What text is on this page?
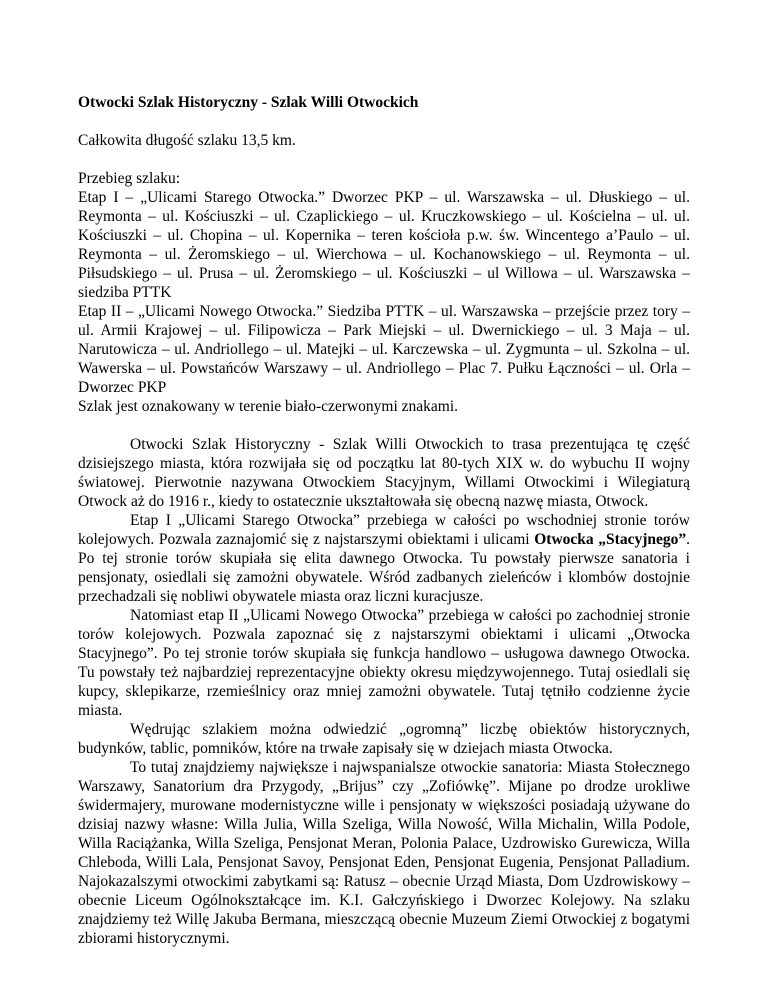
Otwocki Szlak Historyczny - Szlak Willi Otwockich

Całkowita długość szlaku 13,5 km.

Przebieg szlaku:

Etap I – „Ulicami Starego Otwocka.” Dworzec PKP – ul. Warszawska – ul. Dłuskiego – ul. Reymonta – ul. Kościuszki – ul. Czaplickiego – ul. Kruczkowskiego – ul. Kościelna – ul. ul. Kościuszki – ul. Chopina – ul. Kopernika – teren kościoła p.w. św. Wincentego a’Paulo – ul. Reymonta – ul. Żeromskiego – ul. Wierchowa – ul. Kochanowskiego – ul. Reymonta – ul. Piłsudskiego – ul. Prusa – ul. Żeromskiego – ul. Kościuszki – ul Willowa – ul. Warszawska – siedziba PTTK

Etap II – „Ulicami Nowego Otwocka.” Siedziba PTTK – ul. Warszawska – przejście przez tory – ul. Armii Krajowej – ul. Filipowicza – Park Miejski – ul. Dwernickiego – ul. 3 Maja – ul. Narutowicza – ul. Andriollego – ul. Matejki – ul. Karczewska – ul. Zygmunta – ul. Szkolna – ul. Wawerska – ul. Powstańców Warszawy – ul. Andriollego – Plac 7. Pułku Łączności – ul. Orla – Dworzec PKP

Szlak jest oznakowany w terenie biało-czerwonymi znakami.

Otwocki Szlak Historyczny - Szlak Willi Otwockich to trasa prezentująca tę część dzisiejszego miasta, która rozwijała się od początku lat 80-tych XIX w. do wybuchu II wojny światowej. Pierwotnie nazywana Otwockiem Stacyjnym, Willami Otwockimi i Wilegiaturą Otwock aż do 1916 r., kiedy to ostatecznie ukształtowała się obecną nazwę miasta, Otwock.

Etap I „Ulicami Starego Otwocka” przebiega w całości po wschodniej stronie torów kolejowych. Pozwala zaznajomić się z najstarszymi obiektami i ulicami Otwocka „Stacyjnego”. Po tej stronie torów skupiała się elita dawnego Otwocka. Tu powstały pierwsze sanatoria i pensjonaty, osiedlali się zamożni obywatele. Wśród zadbanych zieleńców i klombów dostojnie przechadzali się nobliwi obywatele miasta oraz liczni kuracjusze.

Natomiast etap II „Ulicami Nowego Otwocka” przebiega w całości po zachodniej stronie torów kolejowych. Pozwala zapoznać się z najstarszymi obiektami i ulicami „Otwocka Stacyjnego”. Po tej stronie torów skupiała się funkcja handlowo – usługowa dawnego Otwocka. Tu powstały też najbardziej reprezentacyjne obiekty okresu międzywojennego. Tutaj osiedlali się kupcy, sklepikarze, rzemieślnicy oraz mniej zamożni obywatele. Tutaj tętniło codzienne życie miasta.

Wędrując szlakiem można odwiedzić „ogromną” liczbę obiektów historycznych, budynków, tablic, pomników, które na trwałe zapisały się w dziejach miasta Otwocka.

To tutaj znajdziemy największe i najwspanialsze otwockie sanatoria: Miasta Stołecznego Warszawy, Sanatorium dra Przygody, „Brijus” czy „Zofiówkę”. Mijane po drodze urokliwe świdermajery, murowane modernistyczne wille i pensjonaty w większości posiadają używane do dzisiaj nazwy własne: Willa Julia, Willa Szeliga, Willa Nowość, Willa Michalin, Willa Podole, Willa Raciążanka, Willa Szeliga, Pensjonat Meran, Polonia Palace, Uzdrowisko Gurewicza, Willa Chleboda, Willi Lala, Pensjonat Savoy, Pensjonat Eden, Pensjonat Eugenia, Pensjonat Palladium. Najokazalszymi otwockimi zabytkami są: Ratusz – obecnie Urząd Miasta, Dom Uzdrowiskowy – obecnie Liceum Ogólnokształcące im. K.I. Gałczyńskiego i Dworzec Kolejowy. Na szlaku znajdziemy też Willę Jakuba Bermana, mieszczącą obecnie Muzeum Ziemi Otwockiej z bogatymi zbiorami historycznymi.
